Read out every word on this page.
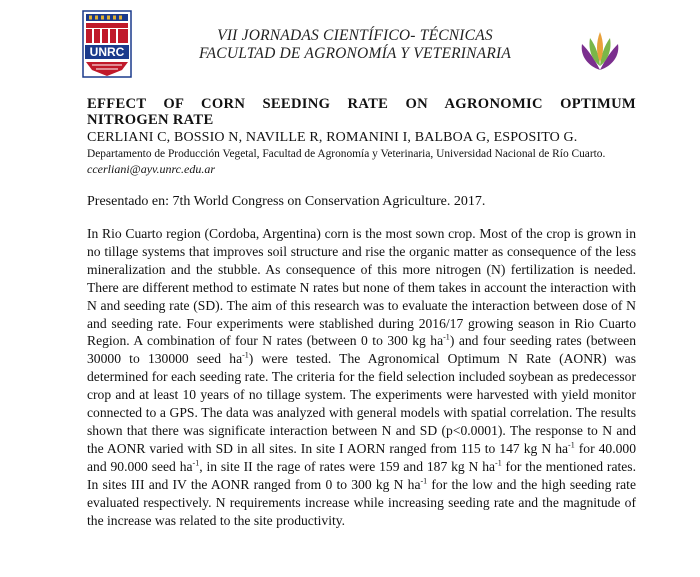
UNRC
VII JORNADAS CIENTÍFICO- TÉCNICAS
FACULTAD DE AGRONOMÍA Y VETERINARIA
EFFECT OF CORN SEEDING RATE ON AGRONOMIC OPTIMUM
NITROGEN RATE
CERLIANI C, BOSSIO N, NAVILLE R, ROMANINI I, BALBOA G, ESPOSITO G.
Departamento de Producción Vegetal, Facultad de Agronomía y Veterinaria, Universidad Nacional de Río Cuarto.
ccerliani@ayv.unrc.edu.ar
Presentado en: 7th World Congress on Conservation Agriculture. 2017.
In Rio Cuarto region (Cordoba, Argentina) corn is the most sown crop. Most of the crop is grown in no tillage systems that improves soil structure and rise the organic matter as consequence of the less mineralization and the stubble. As consequence of this more nitrogen (N) fertilization is needed. There are different method to estimate N rates but none of them takes in account the interaction with N and seeding rate (SD). The aim of this research was to evaluate the interaction between dose of N and seeding rate. Four experiments were stablished during 2016/17 growing season in Rio Cuarto Region. A combination of four N rates (between 0 to 300 kg $ha^{-1}$) and four seeding rates (between 30000 to 130000 seed $ha^{-1}$) were tested. The Agronomical Optimum N Rate (AONR) was determined for each seeding rate. The criteria for the field selection included soybean as predecessor crop and at least 10 years of no tillage system. The experiments were harvested with yield monitor connected to a GPS. The data was analyzed with general models with spatial correlation. The results shown that there was significate interaction between N and SD (p<0.0001). The response to N and the AONR varied with SD in all sites. In site I AORN ranged from 115 to 147 kg N $ha^{-1}$ for 40.000 and 90.000 seed $ha^{-1}$, in site II the rage of rates were 159 and 187 kg N $ha^{-1}$ for the mentioned rates. In sites III and IV the AONR ranged from 0 to 300 kg N $ha^{-1}$ for the low and the high seeding rate evaluated respectively. N requirements increase while increasing seeding rate and the magnitude of the increase was related to the site productivity.
